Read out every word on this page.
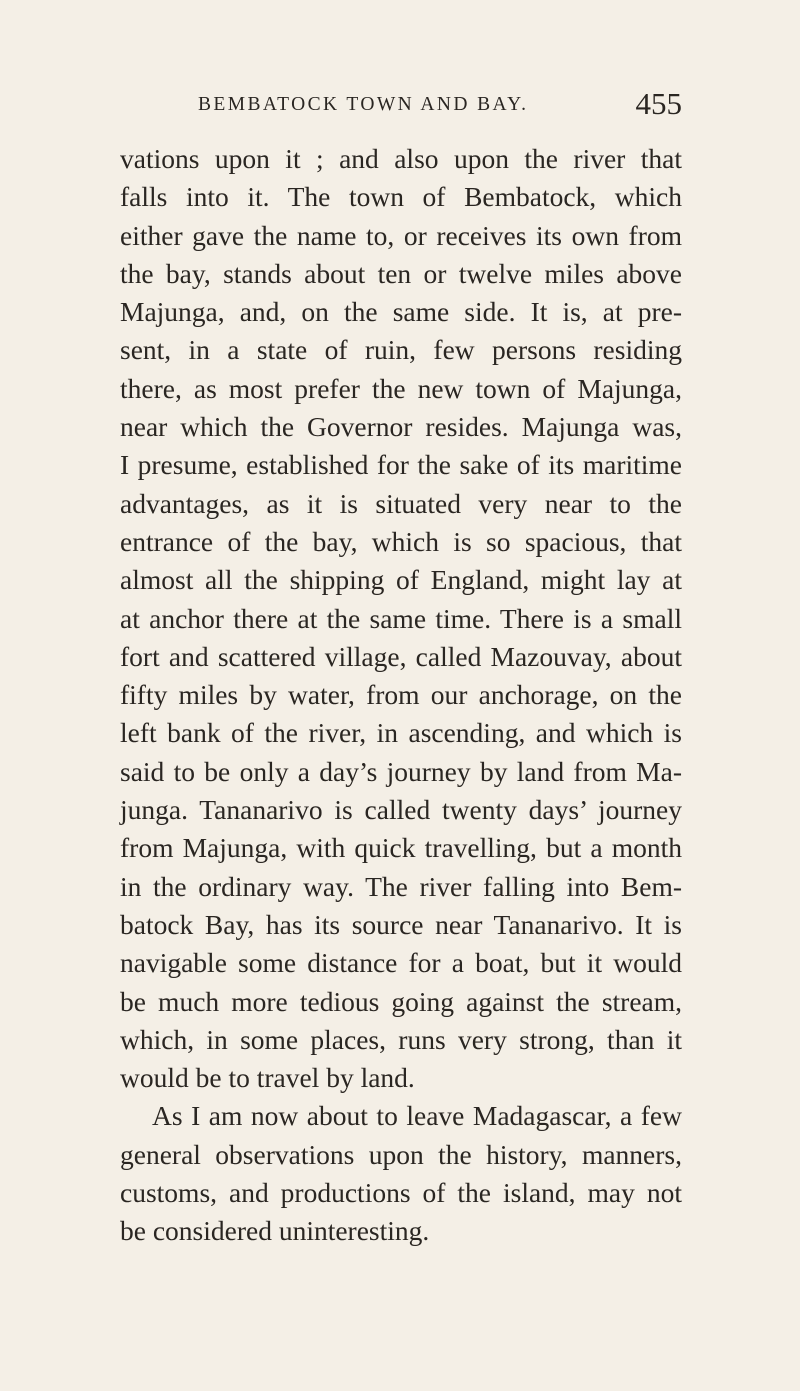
BEMBATOCK TOWN AND BAY.	455
vations upon it ; and also upon the river that
falls into it. The town of Bembatock, which
either gave the name to, or receives its own from
the bay, stands about ten or twelve miles above
Majunga, and, on the same side. It is, at pre-
sent, in a state of ruin, few persons residing
there, as most prefer the new town of Majunga,
near which the Governor resides. Majunga was,
I presume, established for the sake of its maritime
advantages, as it is situated very near to the
entrance of the bay, which is so spacious, that
almost all the shipping of England, might lay at
at anchor there at the same time. There is a small
fort and scattered village, called Mazouvay, about
fifty miles by water, from our anchorage, on the
left bank of the river, in ascending, and which is
said to be only a day’s journey by land from Ma-
junga. Tananarivo is called twenty days’ journey
from Majunga, with quick travelling, but a month
in the ordinary way. The river falling into Bem-
batock Bay, has its source near Tananarivo. It is
navigable some distance for a boat, but it would
be much more tedious going against the stream,
which, in some places, runs very strong, than it
would be to travel by land.
As I am now about to leave Madagascar, a few
general observations upon the history, manners,
customs, and productions of the island, may not
be considered uninteresting.
